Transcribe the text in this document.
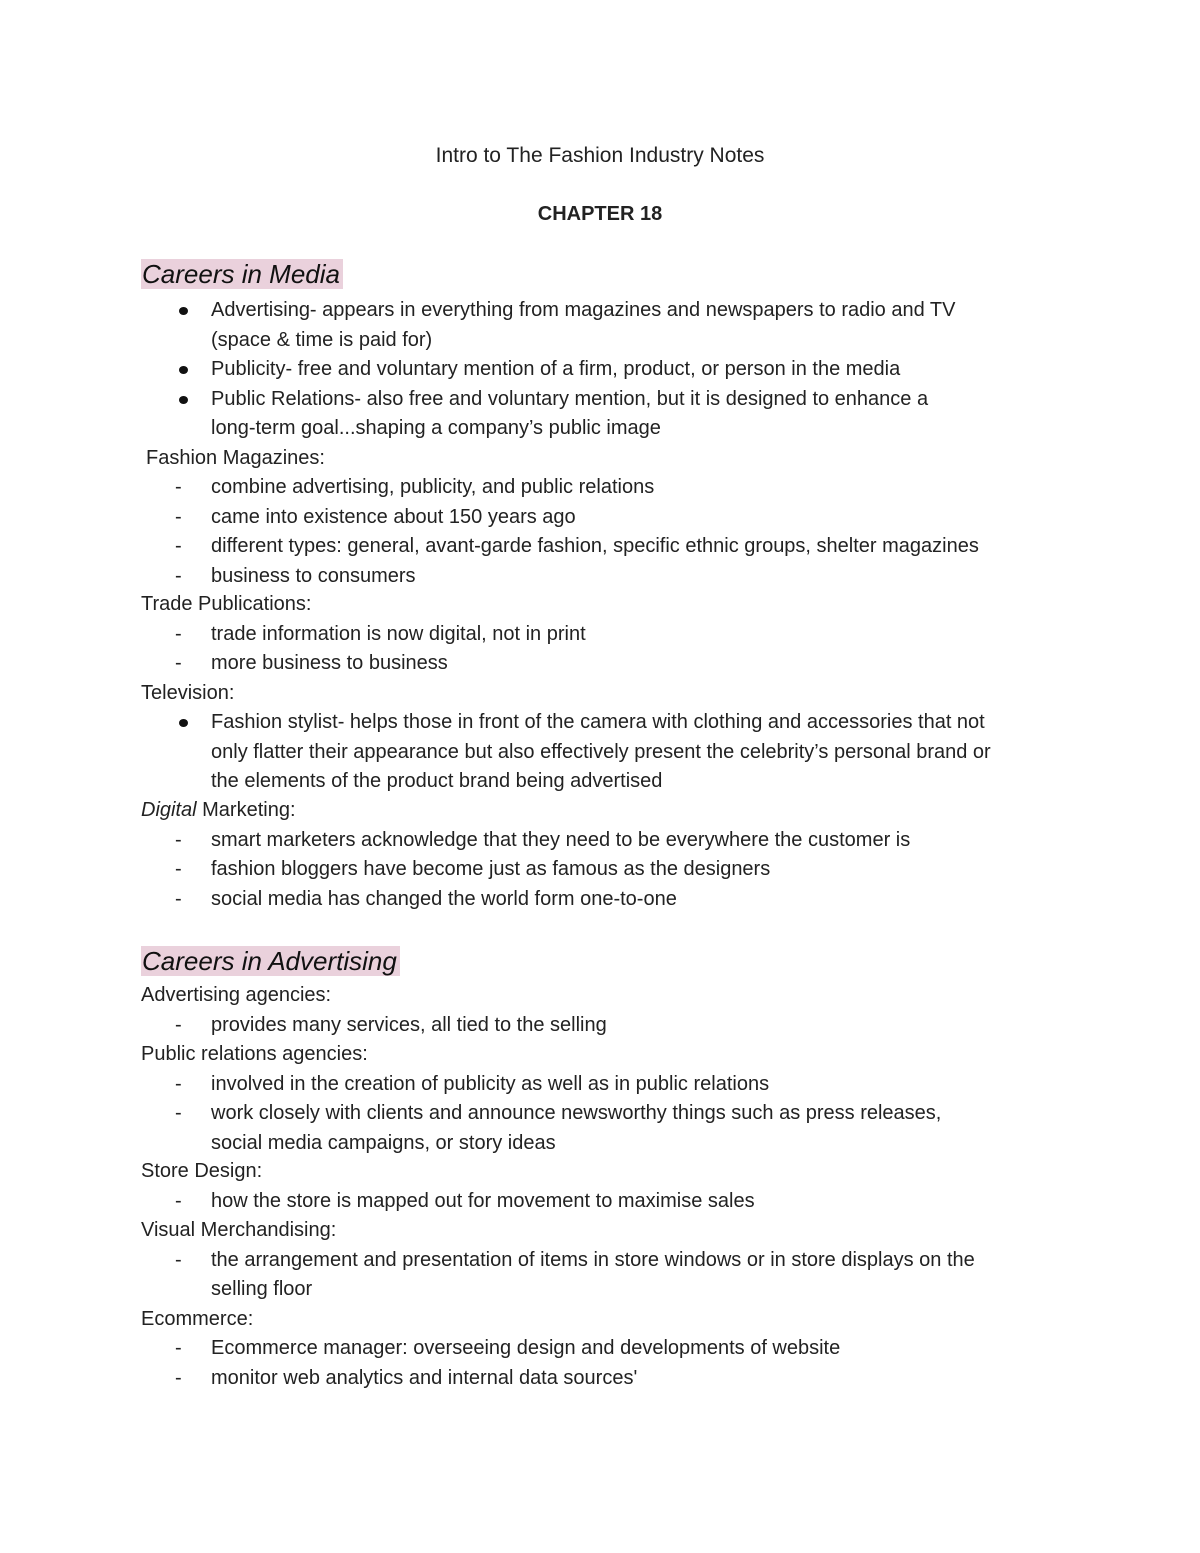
Intro to The Fashion Industry Notes
CHAPTER 18
Careers in Media
Advertising- appears in everything from magazines and newspapers to radio and TV
(space & time is paid for)
Publicity- free and voluntary mention of a firm, product, or person in the media
Public Relations- also free and voluntary mention, but it is designed to enhance a
long-term goal...shaping a company’s public image
Fashion Magazines:
- combine advertising, publicity, and public relations
- came into existence about 150 years ago
- different types: general, avant-garde fashion, specific ethnic groups, shelter magazines
- business to consumers
Trade Publications:
- trade information is now digital, not in print
- more business to business
Television:
Fashion stylist- helps those in front of the camera with clothing and accessories that not
only flatter their appearance but also effectively present the celebrity’s personal brand or
the elements of the product brand being advertised
Digital Marketing:
- smart marketers acknowledge that they need to be everywhere the customer is
- fashion bloggers have become just as famous as the designers
- social media has changed the world form one-to-one
Careers in Advertising
Advertising agencies:
- provides many services, all tied to the selling
Public relations agencies:
- involved in the creation of publicity as well as in public relations
- work closely with clients and announce newsworthy things such as press releases,
social media campaigns, or story ideas
Store Design:
- how the store is mapped out for movement to maximise sales
Visual Merchandising:
- the arrangement and presentation of items in store windows or in store displays on the
selling floor
Ecommerce:
- Ecommerce manager: overseeing design and developments of website
- monitor web analytics and internal data sources'
